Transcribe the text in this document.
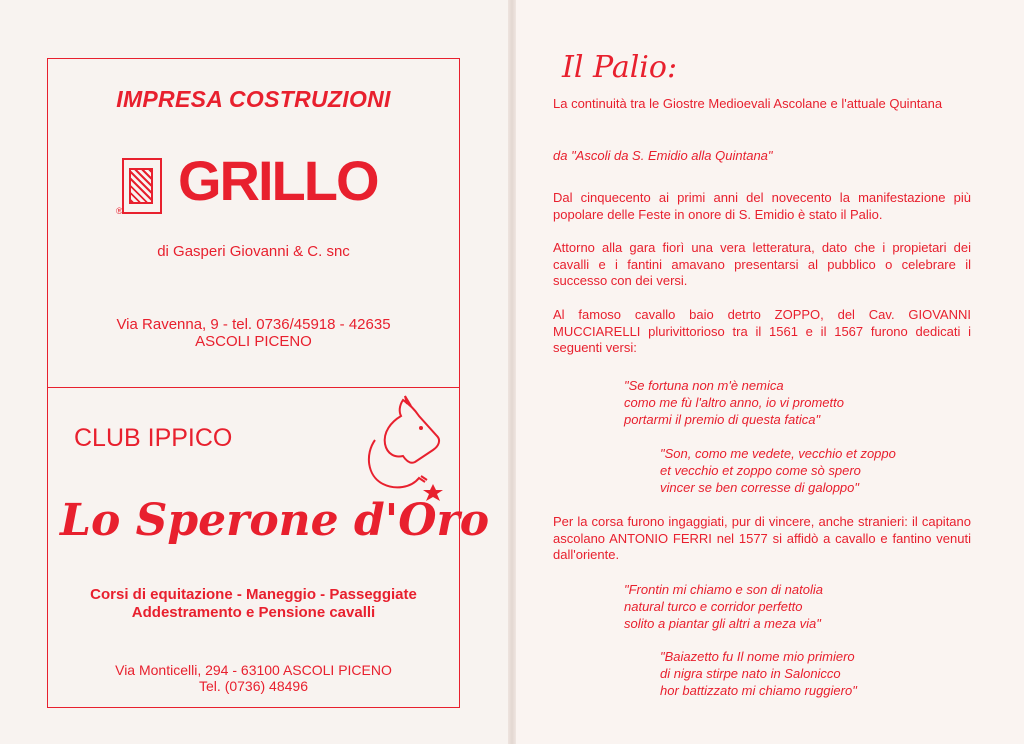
IMPRESA COSTRUZIONI
® GRILLO
di Gasperi Giovanni & C. snc
Via Ravenna, 9 - tel. 0736/45918 - 42635
ASCOLI PICENO
CLUB IPPICO
Lo Sperone d'Oro
Corsi di equitazione - Maneggio - Passeggiate
Addestramento e Pensione cavalli
Via Monticelli, 294 - 63100 ASCOLI PICENO
Tel. (0736) 48496
Il Palio:
La continuità tra le Giostre Medioevali Ascolane e l'attuale Quintana
da "Ascoli da S. Emidio alla Quintana"
Dal cinquecento ai primi anni del novecento la manifestazione più popolare delle Feste in onore di S. Emidio è stato il Palio.
Attorno alla gara fiorì una vera letteratura, dato che i propietari dei cavalli e i fantini amavano presentarsi al pubblico o celebrare il successo con dei versi.
Al famoso cavallo baio detrto ZOPPO, del Cav. GIOVANNI MUCCIARELLI plurivittorioso tra il 1561 e il 1567 furono dedicati i seguenti versi:
"Se fortuna non m'è nemica
como me fù l'altro anno, io vi prometto
portarmi il premio di questa fatica"
"Son, como me vedete, vecchio et zoppo
et vecchio et zoppo come sò spero
vincer se ben corresse di galoppo"
Per la corsa furono ingaggiati, pur di vincere, anche stranieri: il capitano ascolano ANTONIO FERRI nel 1577 si affidò a cavallo e fantino venuti dall'oriente.
"Frontin mi chiamo e son di natolia
natural turco e corridor perfetto
solito a piantar gli altri a meza via"
"Baiazetto fu Il nome mio primiero
di nigra stirpe nato in Salonicco
hor battizzato mi chiamo ruggiero"
